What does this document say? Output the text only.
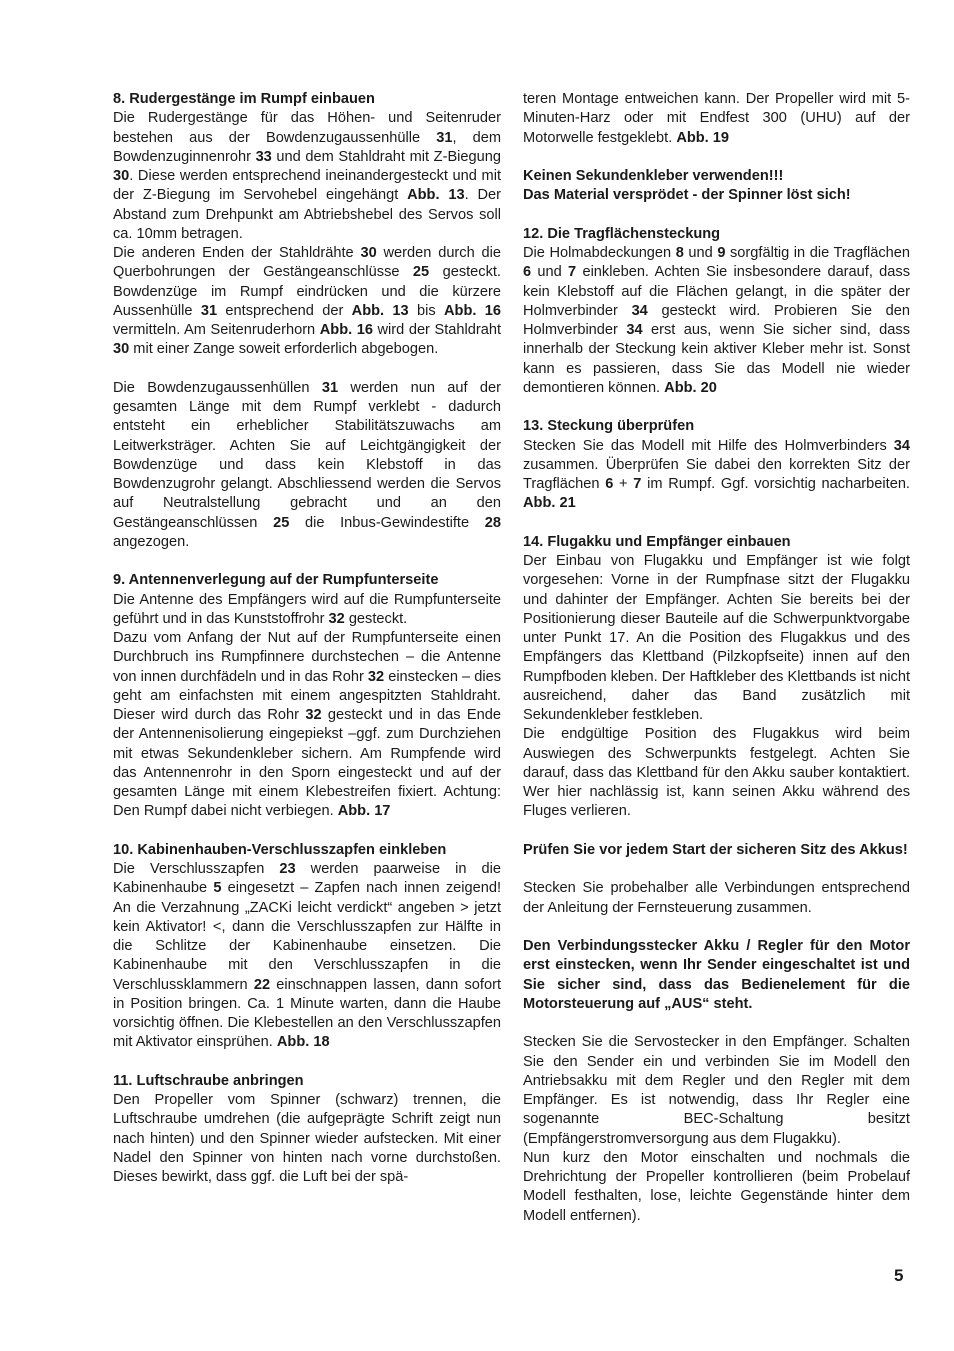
8. Rudergestänge im Rumpf einbauen

Die Rudergestänge für das Höhen- und Seitenruder bestehen aus der Bowdenzugaussenhülle 31, dem Bowdenzuginnenrohr 33 und dem Stahldraht mit Z-Biegung 30. Diese werden entsprechend ineinandergesteckt und mit der Z-Biegung im Servohebel eingehängt Abb. 13. Der Abstand zum Drehpunkt am Abtriebshebel des Servos soll ca. 10mm betragen.

Die anderen Enden der Stahldrähte 30 werden durch die Querbohrungen der Gestängeanschlüsse 25 gesteckt. Bowdenzüge im Rumpf eindrücken und die kürzere Aussenhülle 31 entsprechend der Abb. 13 bis Abb. 16 vermitteln. Am Seitenruderhorn Abb. 16 wird der Stahldraht 30 mit einer Zange soweit erforderlich abgebogen.

Die Bowdenzugaussenhüllen 31 werden nun auf der gesamten Länge mit dem Rumpf verklebt - dadurch entsteht ein erheblicher Stabilitätszuwachs am Leitwerksträger. Achten Sie auf Leichtgängigkeit der Bowdenzüge und dass kein Klebstoff in das Bowdenzugrohr gelangt. Abschliessend werden die Servos auf Neutralstellung gebracht und an den Gestängeanschlüssen 25 die Inbus-Gewindestifte 28 angezogen.

9. Antennenverlegung auf der Rumpfunterseite

Die Antenne des Empfängers wird auf die Rumpfunterseite geführt und in das Kunststoffrohr 32 gesteckt.

Dazu vom Anfang der Nut auf der Rumpfunterseite einen Durchbruch ins Rumpfinnere durchstechen – die Antenne von innen durchfädeln und in das Rohr 32 einstecken – dies geht am einfachsten mit einem angespitzten Stahldraht. Dieser wird durch das Rohr 32 gesteckt und in das Ende der Antennenisolierung eingepiekst –ggf. zum Durchziehen mit etwas Sekundenkleber sichern. Am Rumpfende wird das Antennenrohr in den Sporn eingesteckt und auf der gesamten Länge mit einem Klebestreifen fixiert. Achtung: Den Rumpf dabei nicht verbiegen. Abb. 17

10. Kabinenhauben-Verschlusszapfen einkleben

Die Verschlusszapfen 23 werden paarweise in die Kabinenhaube 5 eingesetzt – Zapfen nach innen zeigend! An die Verzahnung „ZACKi leicht verdickt“ angeben > jetzt kein Aktivator! <, dann die Verschlusszapfen zur Hälfte in die Schlitze der Kabinenhaube einsetzen. Die Kabinenhaube mit den Verschlusszapfen in die Verschlussklammern 22 einschnappen lassen, dann sofort in Position bringen. Ca. 1 Minute warten, dann die Haube vorsichtig öffnen. Die Klebestellen an den Verschlusszapfen mit Aktivator einsprühen. Abb. 18

11. Luftschraube anbringen

Den Propeller vom Spinner (schwarz) trennen, die Luftschraube umdrehen (die aufgeprägte Schrift zeigt nun nach hinten) und den Spinner wieder aufstecken. Mit einer Nadel den Spinner von hinten nach vorne durchstoßen. Dieses bewirkt, dass ggf. die Luft bei der spä-

teren Montage entweichen kann. Der Propeller wird mit 5-Minuten-Harz oder mit Endfest 300 (UHU) auf der Motorwelle festgeklebt. Abb. 19

Keinen Sekundenkleber verwenden!!!

Das Material versprödet - der Spinner löst sich!

12. Die Tragflächensteckung

Die Holmabdeckungen 8 und 9 sorgfältig in die Tragflächen 6 und 7 einkleben. Achten Sie insbesondere darauf, dass kein Klebstoff auf die Flächen gelangt, in die später der Holmverbinder 34 gesteckt wird. Probieren Sie den Holmverbinder 34 erst aus, wenn Sie sicher sind, dass innerhalb der Steckung kein aktiver Kleber mehr ist. Sonst kann es passieren, dass Sie das Modell nie wieder demontieren können. Abb. 20

13. Steckung überprüfen

Stecken Sie das Modell mit Hilfe des Holmverbinders 34 zusammen. Überprüfen Sie dabei den korrekten Sitz der Tragflächen 6 + 7 im Rumpf. Ggf. vorsichtig nacharbeiten. Abb. 21

14. Flugakku und Empfänger einbauen

Der Einbau von Flugakku und Empfänger ist wie folgt vorgesehen: Vorne in der Rumpfnase sitzt der Flugakku und dahinter der Empfänger. Achten Sie bereits bei der Positionierung dieser Bauteile auf die Schwerpunktvorgabe unter Punkt 17. An die Position des Flugakkus und des Empfängers das Klettband (Pilzkopfseite) innen auf den Rumpfboden kleben. Der Haftkleber des Klettbands ist nicht ausreichend, daher das Band zusätzlich mit Sekundenkleber festkleben.

Die endgültige Position des Flugakkus wird beim Auswiegen des Schwerpunkts festgelegt. Achten Sie darauf, dass das Klettband für den Akku sauber kontaktiert. Wer hier nachlässig ist, kann seinen Akku während des Fluges verlieren.

Prüfen Sie vor jedem Start der sicheren Sitz des Akkus!

Stecken Sie probehalber alle Verbindungen entsprechend der Anleitung der Fernsteuerung zusammen.

Den Verbindungsstecker Akku / Regler für den Motor erst einstecken, wenn Ihr Sender eingeschaltet ist und Sie sicher sind, dass das Bedienelement für die Motorsteuerung auf „AUS“ steht.

Stecken Sie die Servostecker in den Empfänger. Schalten Sie den Sender ein und verbinden Sie im Modell den Antriebsakku mit dem Regler und den Regler mit dem Empfänger. Es ist notwendig, dass Ihr Regler eine sogenannte BEC-Schaltung besitzt (Empfängerstromversorgung aus dem Flugakku).

Nun kurz den Motor einschalten und nochmals die Drehrichtung der Propeller kontrollieren (beim Probelauf Modell festhalten, lose, leichte Gegenstände hinter dem Modell entfernen).

5
